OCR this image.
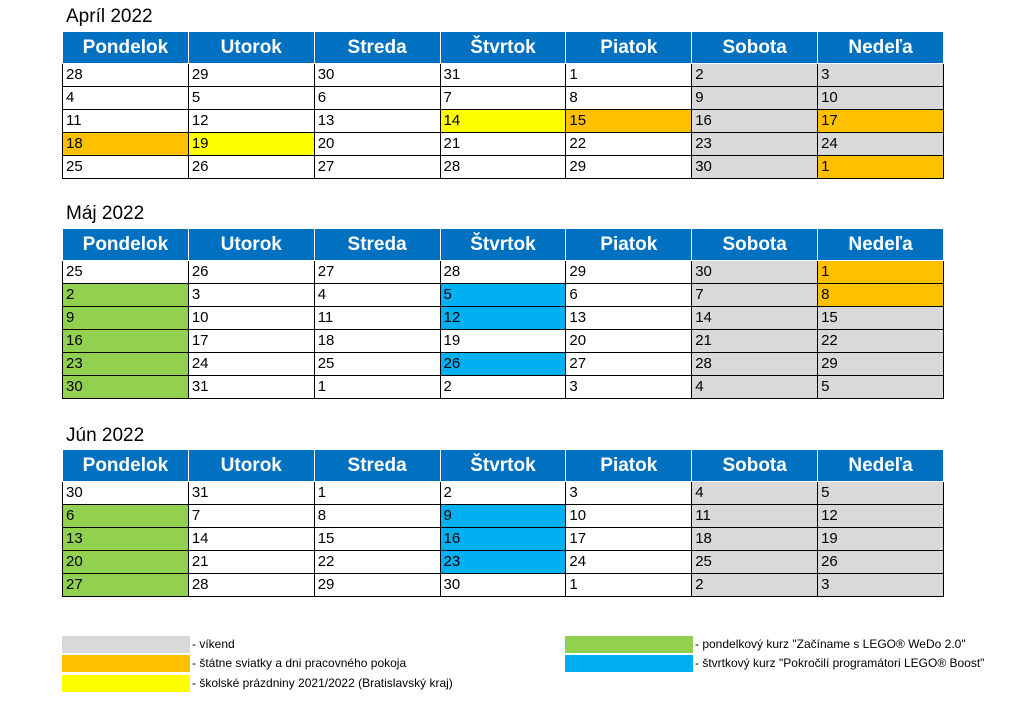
Apríl 2022
Pondelok	Utorok	Streda	Štvrtok	Piatok	Sobota	Nedeľa
28	29	30	31	1	2	3
4	5	6	7	8	9	10
11	12	13	14	15	16	17
18	19	20	21	22	23	24
25	26	27	28	29	30	1
Máj 2022
Pondelok	Utorok	Streda	Štvrtok	Piatok	Sobota	Nedeľa
25	26	27	28	29	30	1
2	3	4	5	6	7	8
9	10	11	12	13	14	15
16	17	18	19	20	21	22
23	24	25	26	27	28	29
30	31	1	2	3	4	5
Jún 2022
Pondelok	Utorok	Streda	Štvrtok	Piatok	Sobota	Nedeľa
30	31	1	2	3	4	5
6	7	8	9	10	11	12
13	14	15	16	17	18	19
20	21	22	23	24	25	26
27	28	29	30	1	2	3
- víkend
- štátne sviatky a dni pracovného pokoja
- školské prázdniny 2021/2022 (Bratislavský kraj)
- pondelkový kurz "Začíname s LEGO® WeDo 2.0"
- štvrtkový kurz "Pokročilí programátori LEGO® Boost"
